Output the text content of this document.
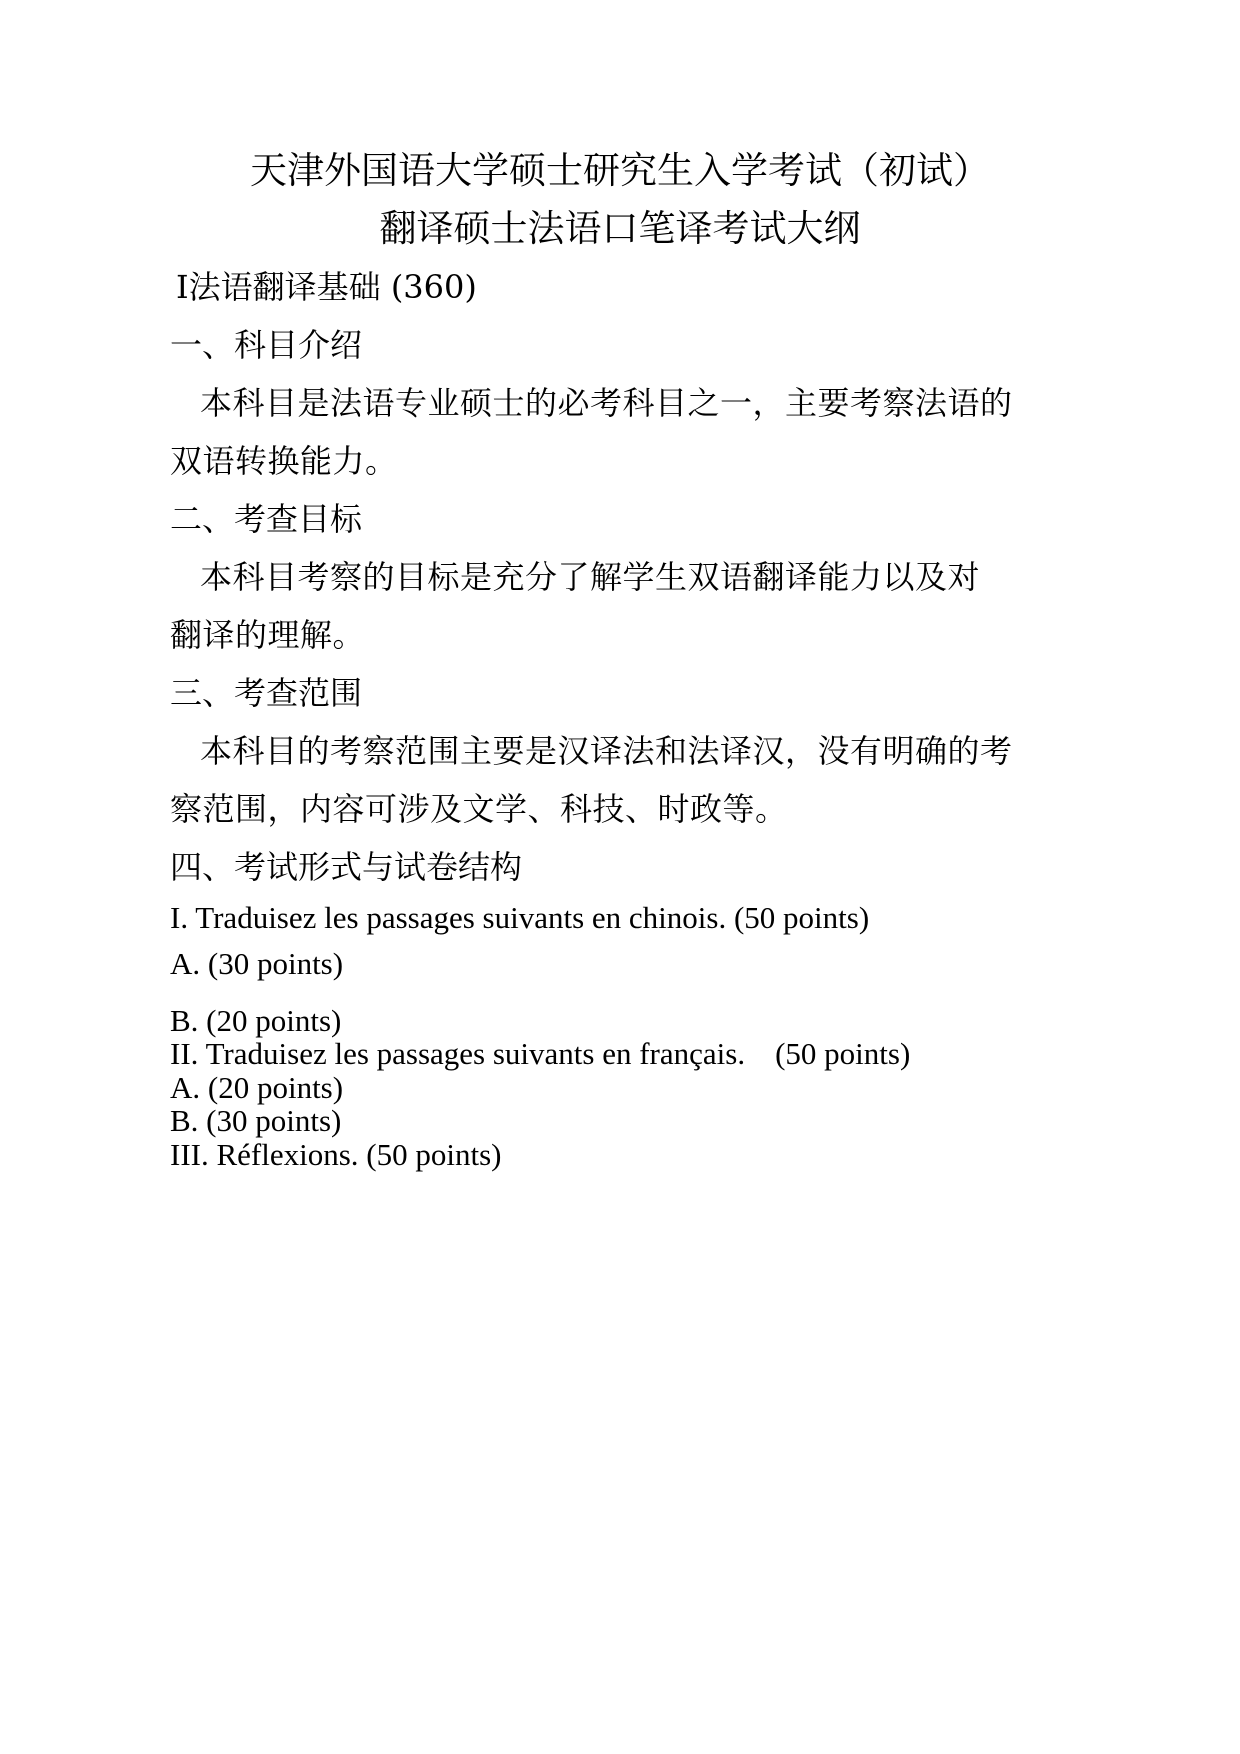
天津外国语大学硕士研究生入学考试（初试）
翻译硕士法语口笔译考试大纲
Ⅰ法语翻译基础 (360)
一、科目介绍
本科目是法语专业硕士的必考科目之一，主要考察法语的
双语转换能力。
二、考查目标
本科目考察的目标是充分了解学生双语翻译能力以及对
翻译的理解。
三、考查范围
本科目的考察范围主要是汉译法和法译汉，没有明确的考
察范围，内容可涉及文学、科技、时政等。
四、考试形式与试卷结构
I. Traduisez les passages suivants en chinois. (50 points)
A. (30 points)
B. (20 points)
II. Traduisez les passages suivants en français. (50 points)
A. (20 points)
B. (30 points)
III. Réflexions. (50 points)
